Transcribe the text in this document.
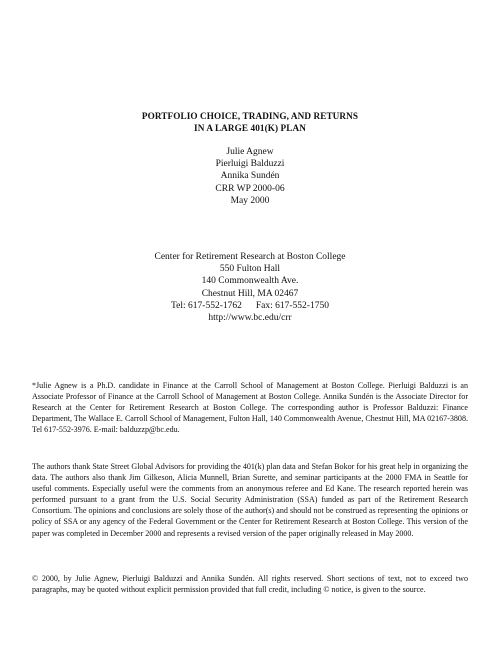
PORTFOLIO CHOICE, TRADING, AND RETURNS
IN A LARGE 401(K) PLAN
Julie Agnew
Pierluigi Balduzzi
Annika Sundén
CRR WP 2000-06
May 2000
Center for Retirement Research at Boston College
550 Fulton Hall
140 Commonwealth Ave.
Chestnut Hill, MA 02467
Tel: 617-552-1762 Fax: 617-552-1750
http://www.bc.edu/crr

*Julie Agnew is a Ph.D. candidate in Finance at the Carroll School of Management at Boston College. Pierluigi Balduzzi is an Associate Professor of Finance at the Carroll School of Management at Boston College. Annika Sundén is the Associate Director for Research at the Center for Retirement Research at Boston College. The corresponding author is Professor Balduzzi: Finance Department, The Wallace E. Carroll School of Management, Fulton Hall, 140 Commonwealth Avenue, Chestnut Hill, MA 02167-3808. Tel 617-552-3976. E-mail: balduzzp@bc.edu.

The authors thank State Street Global Advisors for providing the 401(k) plan data and Stefan Bokor for his great help in organizing the data. The authors also thank Jim Gilkeson, Alicia Munnell, Brian Surette, and seminar participants at the 2000 FMA in Seattle for useful comments. Especially useful were the comments from an anonymous referee and Ed Kane. The research reported herein was performed pursuant to a grant from the U.S. Social Security Administration (SSA) funded as part of the Retirement Research Consortium. The opinions and conclusions are solely those of the author(s) and should not be construed as representing the opinions or policy of SSA or any agency of the Federal Government or the Center for Retirement Research at Boston College. This version of the paper was completed in December 2000 and represents a revised version of the paper originally released in May 2000.

© 2000, by Julie Agnew, Pierluigi Balduzzi and Annika Sundén. All rights reserved. Short sections of text, not to exceed two paragraphs, may be quoted without explicit permission provided that full credit, including © notice, is given to the source.
